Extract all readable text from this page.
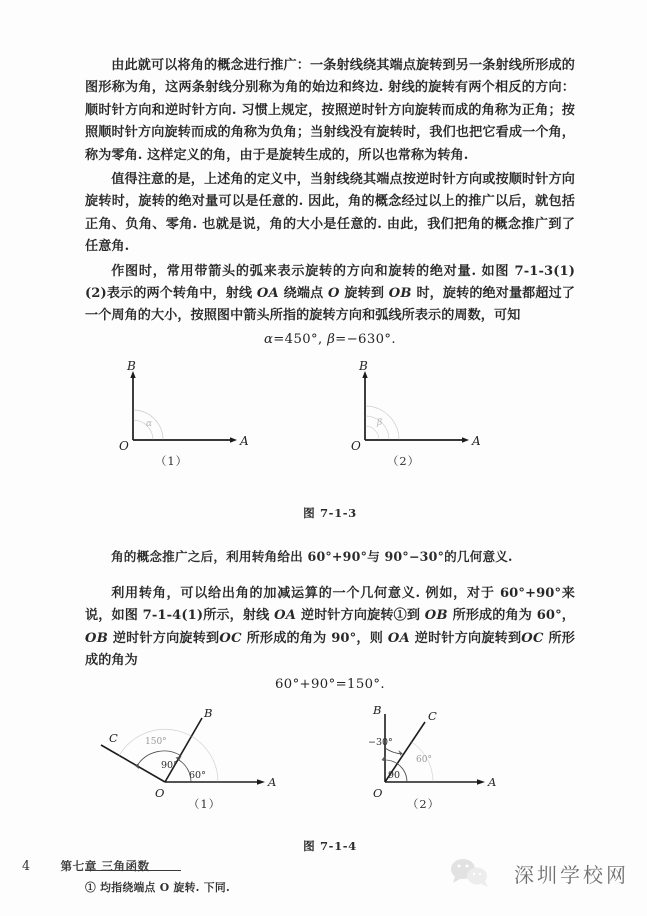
由此就可以将角的概念进行推广：一条射线绕其端点旋转到另一条射线所形成的图形称为角，这两条射线分别称为角的始边和终边. 射线的旋转有两个相反的方向：顺时针方向和逆时针方向. 习惯上规定，按照逆时针方向旋转而成的角称为正角；按照顺时针方向旋转而成的角称为负角；当射线没有旋转时，我们也把它看成一个角，称为零角. 这样定义的角，由于是旋转生成的，所以也常称为转角.

值得注意的是，上述角的定义中，当射线绕其端点按逆时针方向或按顺时针方向旋转时，旋转的绝对量可以是任意的. 因此，角的概念经过以上的推广以后，就包括正角、负角、零角. 也就是说，角的大小是任意的. 由此，我们把角的概念推广到了任意角.

作图时，常用带箭头的弧来表示旋转的方向和旋转的绝对量. 如图 7-1-3(1)(2)表示的两个转角中，射线 OA 绕端点 O 旋转到 OB 时，旋转的绝对量都超过了一个周角的大小，按照图中箭头所指的旋转方向和弧线所表示的周数，可知

α=450°, β=−630°.
O	A
B
α
O	A
B
β
（1）	（2）
图 7-1-3
角的概念推广之后，利用转角给出 60°+90°与 90°−30°的几何意义.

利用转角，可以给出角的加减运算的一个几何意义. 例如，对于 60°+90°来说，如图 7-1-4(1)所示，射线 OA 逆时针方向旋转①到 OB 所形成的角为 60°，OB 逆时针方向旋转到OC 所形成的角为 90°，则 OA 逆时针方向旋转到OC 所形成的角为

60°+90°=150°.
C
B
A
O
60°
90°
150°
C
B
A
O
90
−30°
60°
（1）	（2）
图 7-1-4
① 均指绕端点 O 旋转. 下同.
4	第七章 三角函数	深圳学校网
